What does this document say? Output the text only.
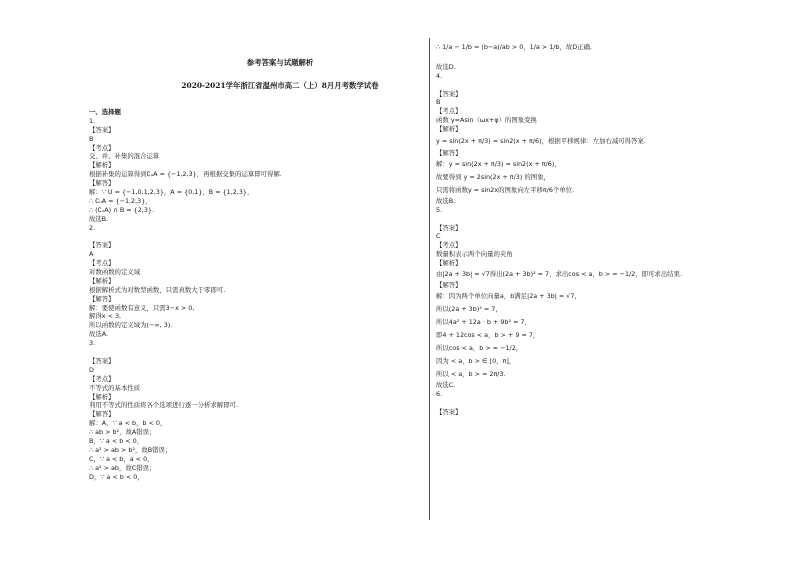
参考答案与试题解析
2020-2021学年浙江省温州市高二（上）8月月考数学试卷
一、选择题
1.
【答案】
B
【考点】
交、并、补集的混合运算
【解析】
根据补集的运算得到∁ᵤA = {−1,2,3}，再根据交集的运算即可得解.
【解答】
解：∵ U = {−1,0,1,2,3}，A = {0,1}，B = {1,2,3}，
∴ ∁ᵤA = {−1,2,3}，
∴ (∁ᵤA) ∩ B = {2,3}.
故选B.
2.
【答案】
A
【考点】
对数函数的定义域
【解析】
根据解析式为对数型函数，只需真数大于零即可.
【解答】
解：要使函数有意义，只需3−x > 0,
解得x < 3,
所以函数的定义域为(−∞, 3).
故选A.
3.
【答案】
D
【考点】
不等式的基本性质
【解析】
利用不等式的性质将各个选项进行逐一分析求解即可.
【解答】
解：A，∵ a < b，b < 0，
∴ ab > b²，故A错误；
B，∵ a < b < 0，
∴ a² > ab > b²，故B错误；
C，∵ a < b，a < 0，
∴ a² > ab，故C错误；
D，∵ a < b < 0，
∴ 1/a − 1/b = (b−a)/ab > 0，1/a > 1/b，故D正确.
故选D.
4.
【答案】
B
【考点】
函数 y=Asin（ωx+φ）的图象变换
【解析】
y = sin(2x + π/3) = sin2(x + π/6)，根据平移规律：左加右减可得答案.
【解答】
解：y = sin(2x + π/3) = sin2(x + π/6)，
故要得到 y = 2sin(2x + π/3) 的图象，
只需将函数y = sin2x的图象向左平移π/6个单位.
故选B.
5.
【答案】
C
【考点】
数量积表示两个向量的夹角
【解析】
由|2a + 3b| = √7得出(2a + 3b)² = 7，求出cos < a，b > = −1/2，即可求出结果.
【解答】
解：因为两个单位向量a，b满足|2a + 3b| = √7，
所以(2a + 3b)² = 7，
所以4a² + 12a · b + 9b² = 7，
即4 + 12cos < a，b > + 9 = 7，
所以cos < a，b > = −1/2，
因为 < a，b > ∈ [0，π]，
所以 < a，b > = 2π/3.
故选C.
6.
【答案】
